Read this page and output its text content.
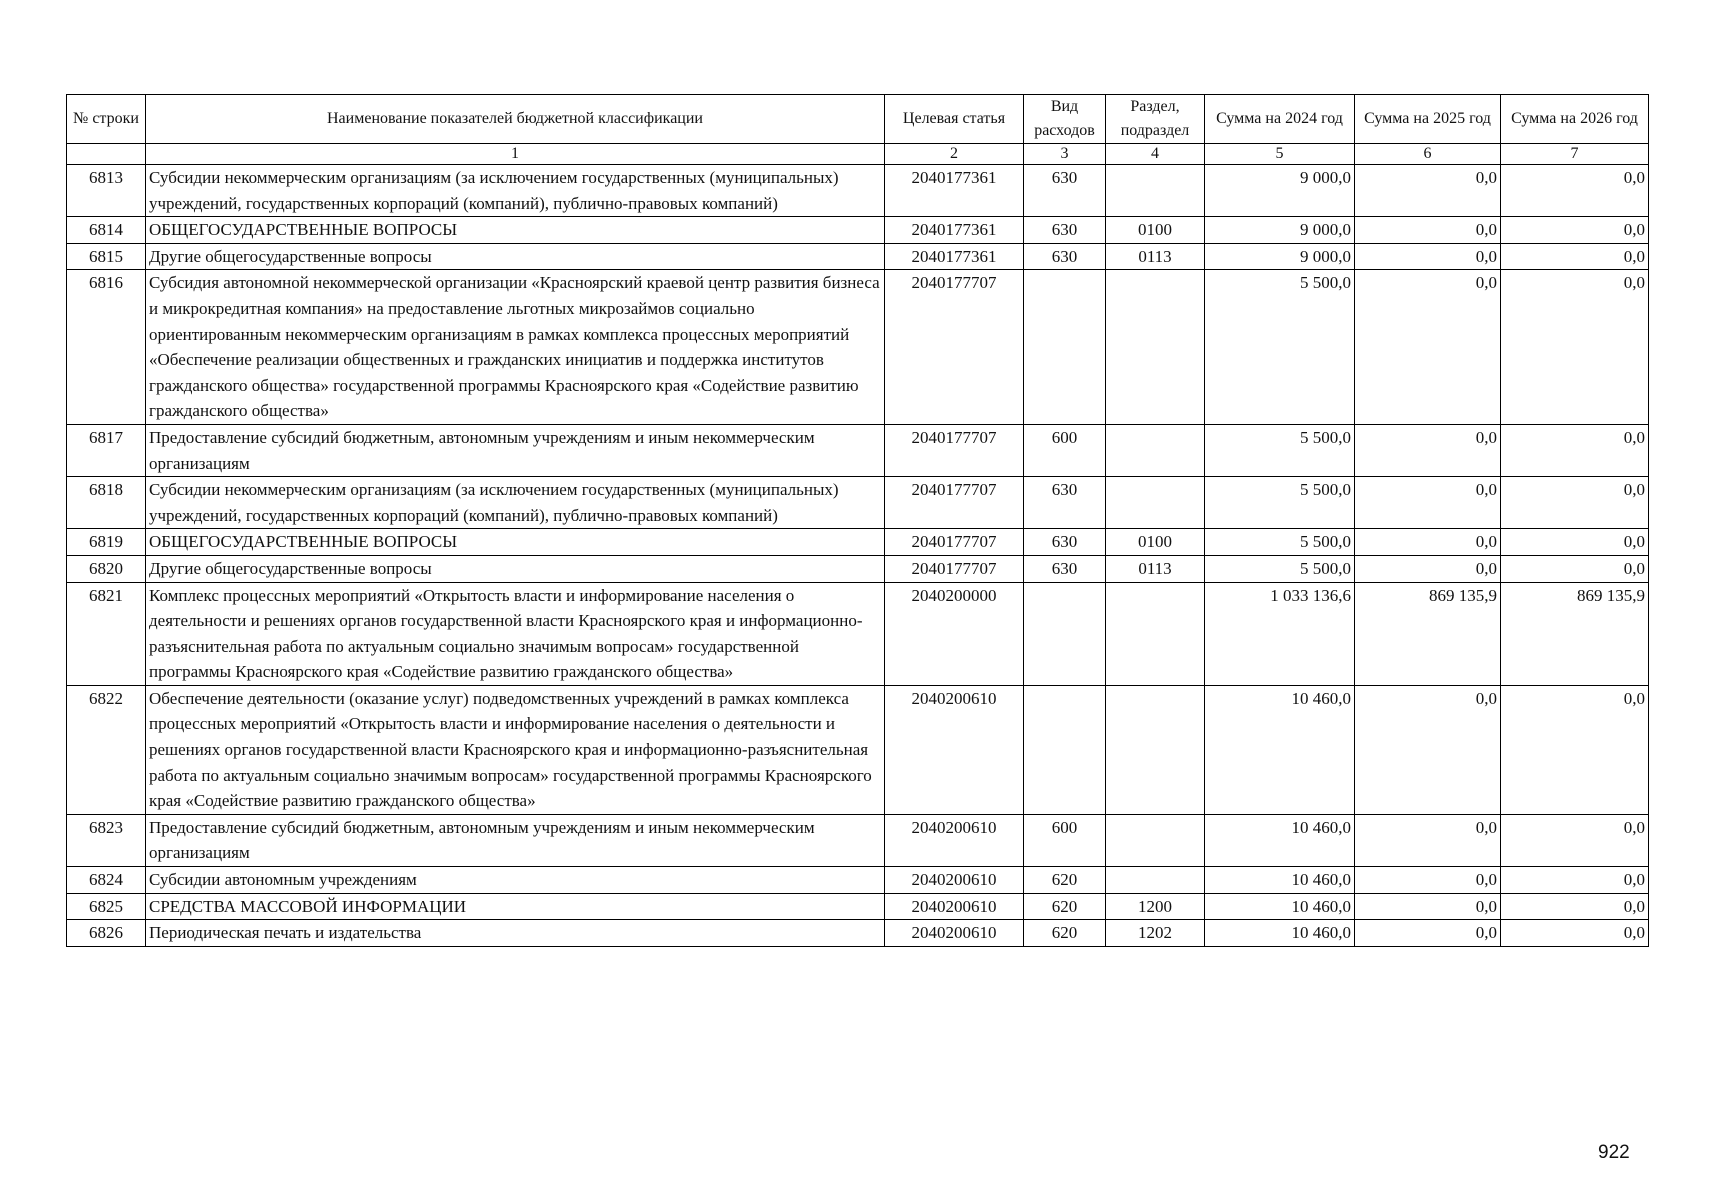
№ строки	Наименование показателей бюджетной классификации	Целевая статья	Вид расходов	Раздел, подраздел	Сумма на 2024 год	Сумма на 2025 год	Сумма на 2026 год
	1	2	3	4	5	6	7
6813	Субсидии некоммерческим организациям (за исключением государственных (муниципальных) учреждений, государственных корпораций (компаний), публично-правовых компаний)	2040177361	630		9 000,0	0,0	0,0
6814	ОБЩЕГОСУДАРСТВЕННЫЕ ВОПРОСЫ	2040177361	630	0100	9 000,0	0,0	0,0
6815	Другие общегосударственные вопросы	2040177361	630	0113	9 000,0	0,0	0,0
6816	Субсидия автономной некоммерческой организации «Красноярский краевой центр развития бизнеса и микрокредитная компания» на предоставление льготных микрозаймов социально ориентированным некоммерческим организациям в рамках комплекса процессных мероприятий «Обеспечение реализации общественных и гражданских инициатив и поддержка институтов гражданского общества» государственной программы Красноярского края «Содействие развитию гражданского общества»	2040177707			5 500,0	0,0	0,0
6817	Предоставление субсидий бюджетным, автономным учреждениям и иным некоммерческим организациям	2040177707	600		5 500,0	0,0	0,0
6818	Субсидии некоммерческим организациям (за исключением государственных (муниципальных) учреждений, государственных корпораций (компаний), публично-правовых компаний)	2040177707	630		5 500,0	0,0	0,0
6819	ОБЩЕГОСУДАРСТВЕННЫЕ ВОПРОСЫ	2040177707	630	0100	5 500,0	0,0	0,0
6820	Другие общегосударственные вопросы	2040177707	630	0113	5 500,0	0,0	0,0
6821	Комплекс процессных мероприятий «Открытость власти и информирование населения о деятельности и решениях органов государственной власти Красноярского края и информационно-разъяснительная работа по актуальным социально значимым вопросам» государственной программы Красноярского края «Содействие развитию гражданского общества»	2040200000			1 033 136,6	869 135,9	869 135,9
6822	Обеспечение деятельности (оказание услуг) подведомственных учреждений в рамках комплекса процессных мероприятий «Открытость власти и информирование населения о деятельности и решениях органов государственной власти Красноярского края и информационно-разъяснительная работа по актуальным социально значимым вопросам» государственной программы Красноярского края «Содействие развитию гражданского общества»	2040200610			10 460,0	0,0	0,0
6823	Предоставление субсидий бюджетным, автономным учреждениям и иным некоммерческим организациям	2040200610	600		10 460,0	0,0	0,0
6824	Субсидии автономным учреждениям	2040200610	620		10 460,0	0,0	0,0
6825	СРЕДСТВА МАССОВОЙ ИНФОРМАЦИИ	2040200610	620	1200	10 460,0	0,0	0,0
6826	Периодическая печать и издательства	2040200610	620	1202	10 460,0	0,0	0,0
922
